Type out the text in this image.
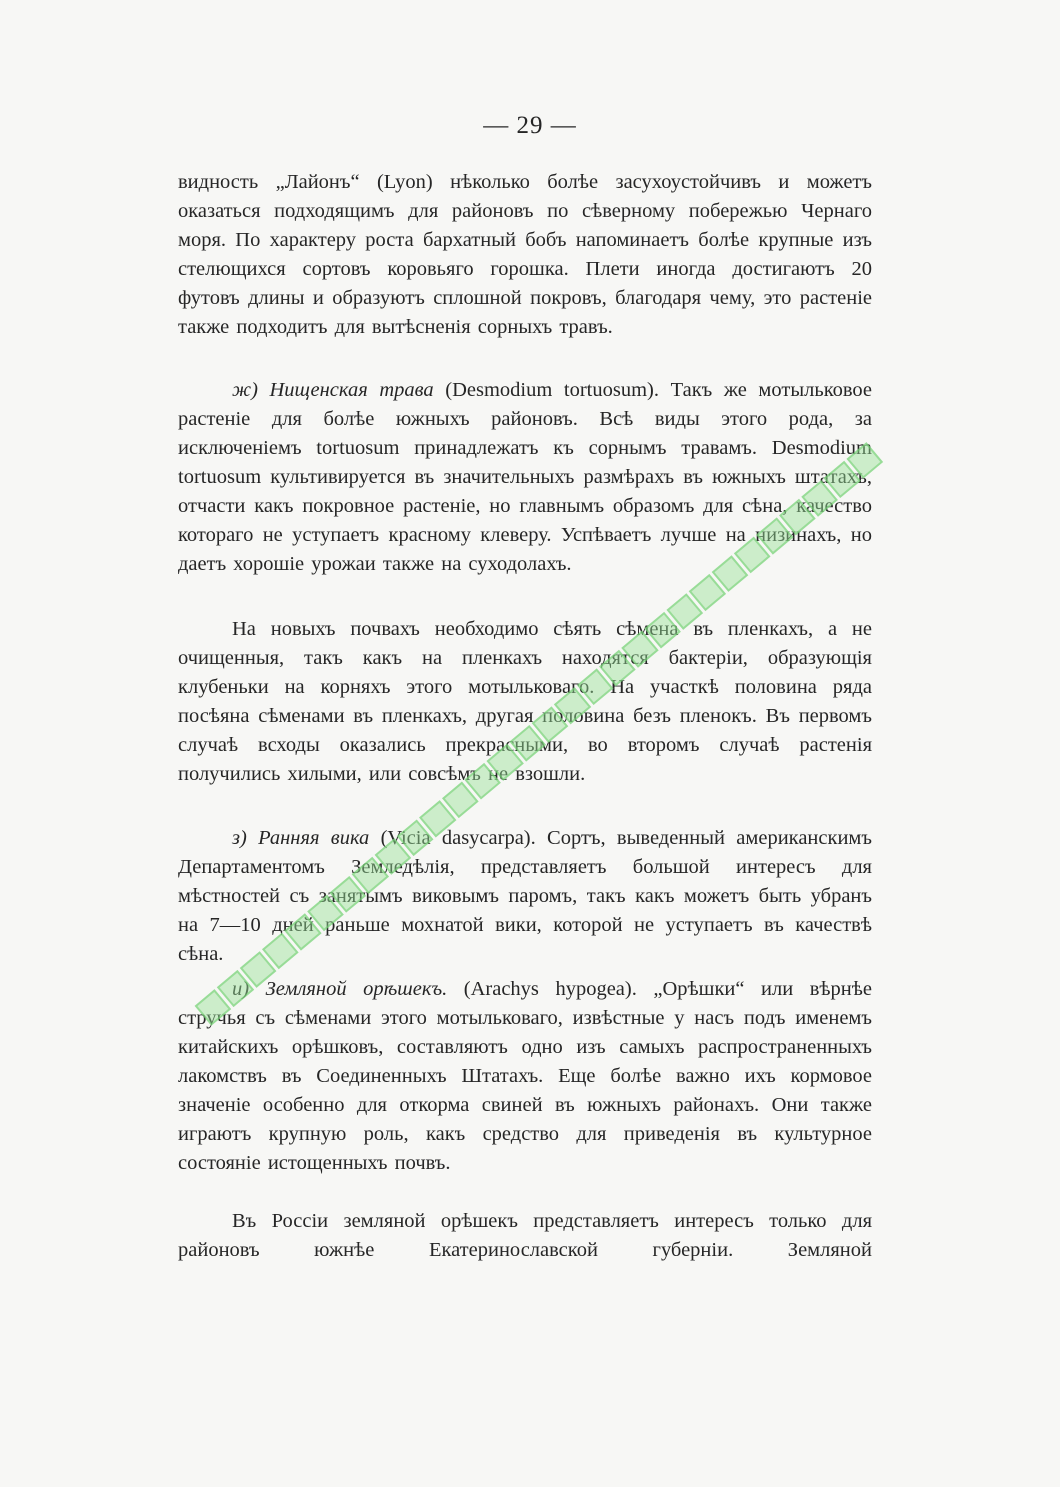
— 29 —

видность „Лайонъ“ (Lyon) нѣколько болѣе засухоустойчивъ и можетъ оказаться подходящимъ для районовъ по сѣверному побережью Чернаго моря. По характеру роста бархатный бобъ напоминаетъ болѣе крупные изъ стелющихся сортовъ коровьяго горошка. Плети иногда достигаютъ 20 футовъ длины и образуютъ сплошной покровъ, благодаря чему, это растеніе также подходитъ для вытѣсненія сорныхъ травъ.

ж) Нищенская трава (Desmodium tortuosum). Такъ же мотыльковое растеніе для болѣе южныхъ районовъ. Всѣ виды этого рода, за исключеніемъ tortuosum принадлежатъ къ сорнымъ травамъ. Desmodium tortuosum культивируется въ значительныхъ размѣрахъ въ южныхъ штатахъ, отчасти какъ покровное растеніе, но главнымъ образомъ для сѣна, качество котораго не уступаетъ красному клеверу. Успѣваетъ лучше на низинахъ, но даетъ хорошіе урожаи также на суходолахъ.

На новыхъ почвахъ необходимо сѣять сѣмена въ пленкахъ, а не очищенныя, такъ какъ на пленкахъ находятся бактеріи, образующія клубеньки на корняхъ этого мотыльковаго. На участкѣ половина ряда посѣяна сѣменами въ пленкахъ, другая половина безъ пленокъ. Въ первомъ случаѣ всходы оказались прекрасными, во второмъ случаѣ растенія получились хилыми, или совсѣмъ не взошли.

з) Ранняя вика (Vicia dasycarpa). Сортъ, выведенный американскимъ Департаментомъ Земледѣлія, представляетъ большой интересъ для мѣстностей съ занятымъ виковымъ паромъ, такъ какъ можетъ быть убранъ на 7—10 дней раньше мохнатой вики, которой не уступаетъ въ качествѣ сѣна.

и) Земляной орѣшекъ. (Arachys hypogea). „Орѣшки“ или вѣрнѣе стручья съ сѣменами этого мотыльковаго, извѣстные у насъ подъ именемъ китайскихъ орѣшковъ, составляютъ одно изъ самыхъ распространенныхъ лакомствъ въ Соединенныхъ Штатахъ. Еще болѣе важно ихъ кормовое значеніе особенно для откорма свиней въ южныхъ районахъ. Они также играютъ крупную роль, какъ средство для приведенія въ культурное состояніе истощенныхъ почвъ.

Въ Россіи земляной орѣшекъ представляетъ интересъ только для районовъ южнѣе Екатеринославской губерніи. Земляной
